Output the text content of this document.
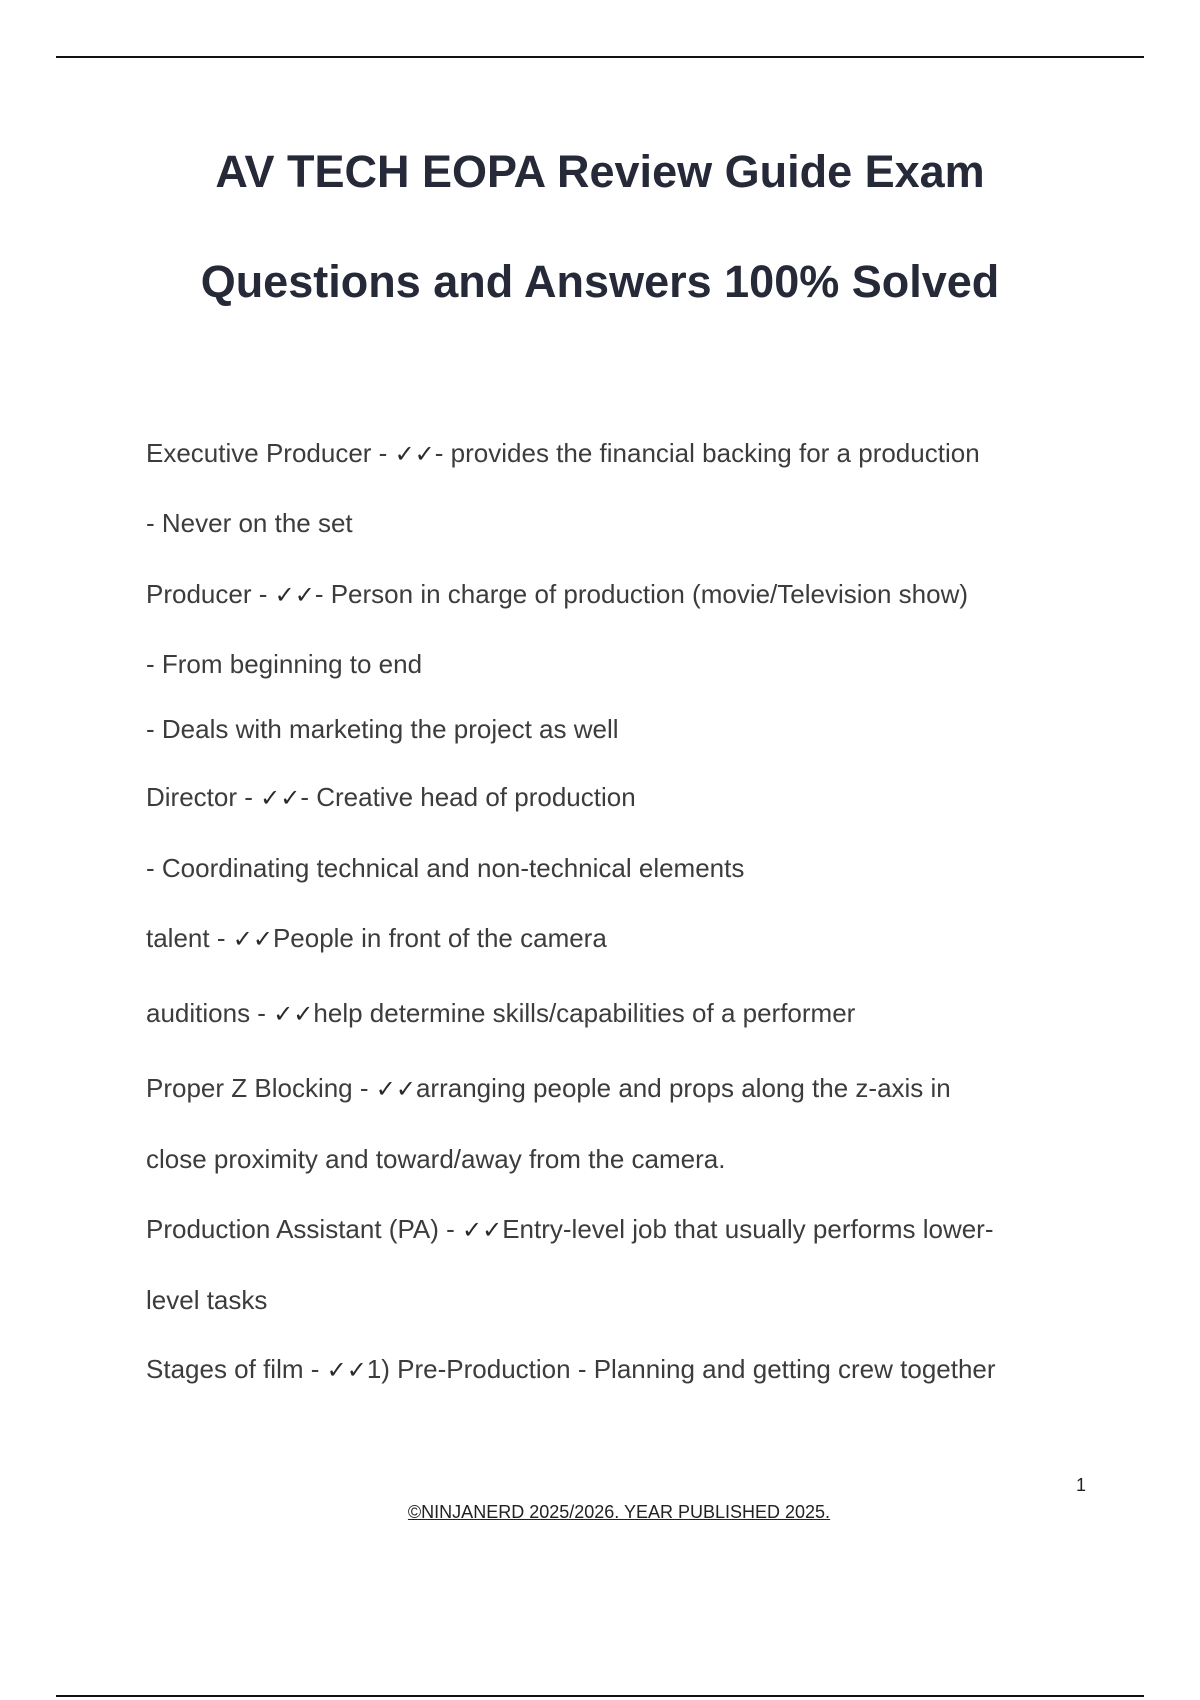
AV TECH EOPA Review Guide Exam
Questions and Answers 100% Solved
Executive Producer - ✓✓- provides the financial backing for a production
- Never on the set
Producer - ✓✓- Person in charge of production (movie/Television show)
- From beginning to end
- Deals with marketing the project as well
Director - ✓✓- Creative head of production
- Coordinating technical and non-technical elements
talent - ✓✓People in front of the camera
auditions - ✓✓help determine skills/capabilities of a performer
Proper Z Blocking - ✓✓arranging people and props along the z-axis in
close proximity and toward/away from the camera.
Production Assistant (PA) - ✓✓Entry-level job that usually performs lower-
level tasks
Stages of film - ✓✓1) Pre-Production - Planning and getting crew together
1
©NINJANERD 2025/2026. YEAR PUBLISHED 2025.
